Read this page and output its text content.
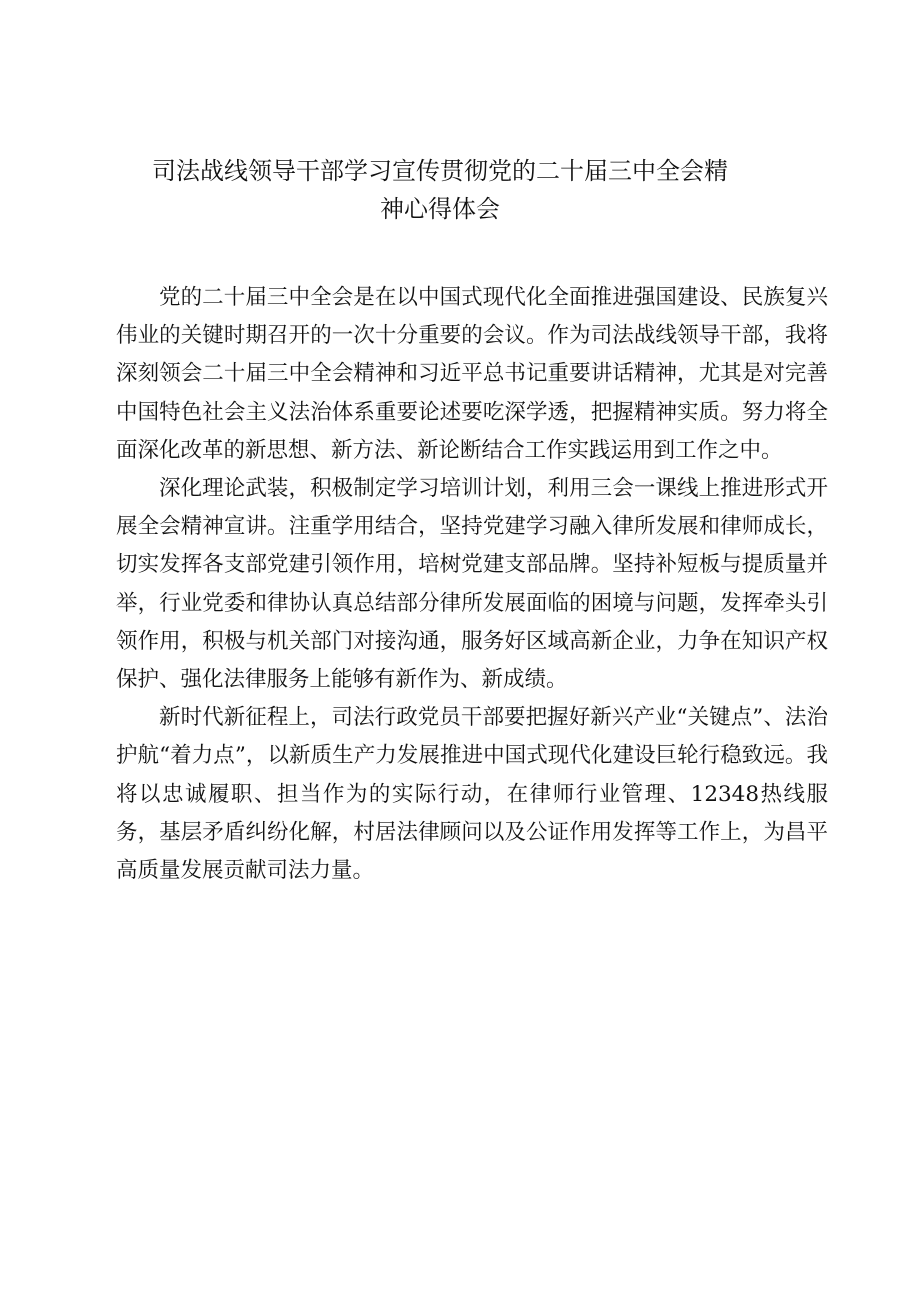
司法战线领导干部学习宣传贯彻党的二十届三中全会精神心得体会

党的二十届三中全会是在以中国式现代化全面推进强国建设、民族复兴伟业的关键时期召开的一次十分重要的会议。作为司法战线领导干部，我将深刻领会二十届三中全会精神和习近平总书记重要讲话精神，尤其是对完善中国特色社会主义法治体系重要论述要吃深学透，把握精神实质。努力将全面深化改革的新思想、新方法、新论断结合工作实践运用到工作之中。

深化理论武装，积极制定学习培训计划，利用三会一课线上推进形式开展全会精神宣讲。注重学用结合，坚持党建学习融入律所发展和律师成长，切实发挥各支部党建引领作用，培树党建支部品牌。坚持补短板与提质量并举，行业党委和律协认真总结部分律所发展面临的困境与问题，发挥牵头引领作用，积极与机关部门对接沟通，服务好区域高新企业，力争在知识产权保护、强化法律服务上能够有新作为、新成绩。

新时代新征程上，司法行政党员干部要把握好新兴产业“关键点”、法治护航“着力点”，以新质生产力发展推进中国式现代化建设巨轮行稳致远。我将以忠诚履职、担当作为的实际行动，在律师行业管理、12348热线服务，基层矛盾纠纷化解，村居法律顾问以及公证作用发挥等工作上，为昌平高质量发展贡献司法力量。
